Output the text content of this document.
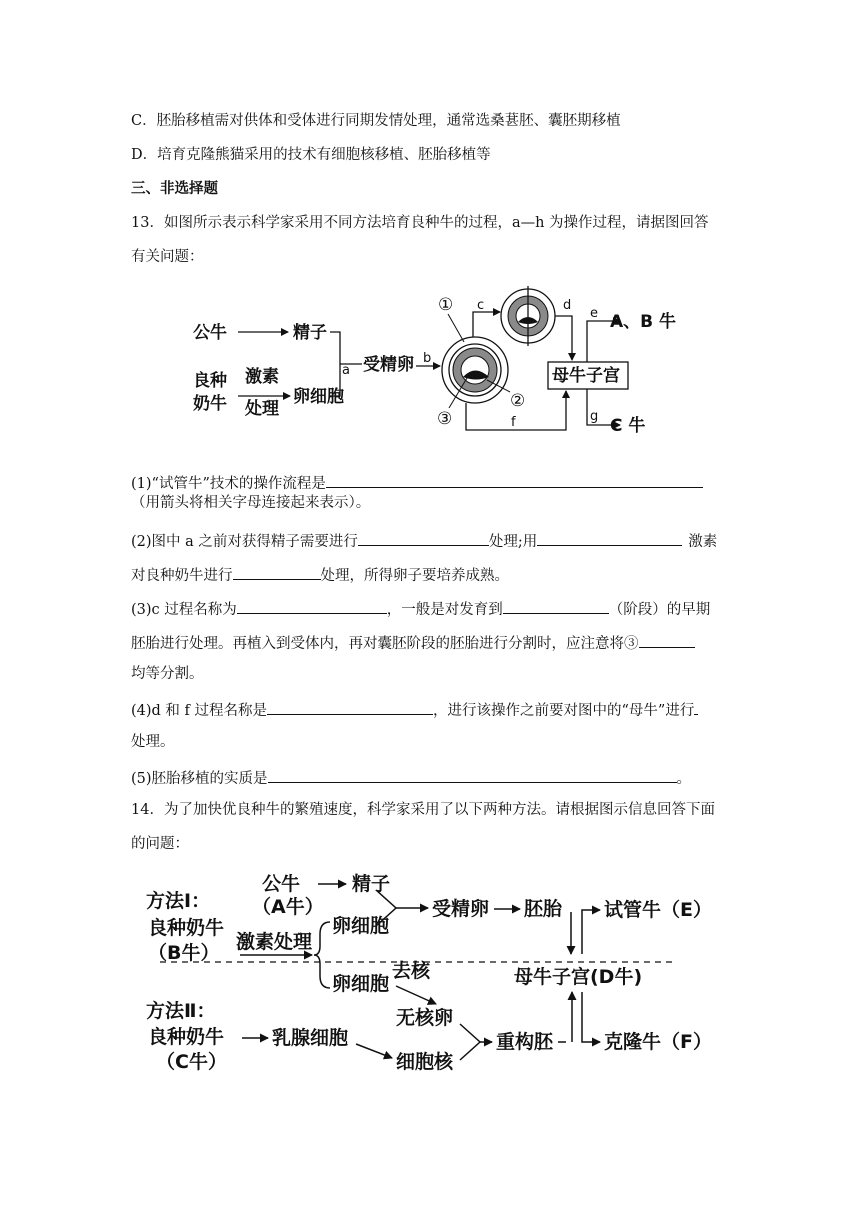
C．胚胎移植需对供体和受体进行同期发情处理，通常选桑葚胚、囊胚期移植
D．培育克隆熊猫采用的技术有细胞核移植、胚胎移植等
三、非选择题
13．如图所示表示科学家采用不同方法培育良种牛的过程，a—h 为操作过程，请据图回答
有关问题：
公牛	精子
良种
奶牛
激素
处理
卵细胞
a 受精卵 b
①
②
③
c	d
母牛子宫
e A、B 牛
f	g C 牛
(1)“试管牛”技术的操作流程是
（用箭头将相关字母连接起来表示）。
(2)图中 a 之前对获得精子需要进行	处理;用	激素
对良种奶牛进行	处理，所得卵子要培养成熟。
(3)c 过程名称为	，一般是对发育到	（阶段）的早期
胚胎进行处理。再植入到受体内，再对囊胚阶段的胚胎进行分割时，应注意将③
均等分割。
(4)d 和 f 过程名称是	，进行该操作之前要对图中的“母牛”进行
处理。
(5)胚胎移植的实质是	。
14．为了加快优良种牛的繁殖速度，科学家采用了以下两种方法。请根据图示信息回答下面
的问题：
方法Ⅰ：
公牛
（A牛）
精子
良种奶牛
（B牛） 激素处理
卵细胞
受精卵 胚胎 试管牛（E）
母牛子宫(D牛)
卵细胞
去核
方法Ⅱ：
良种奶牛
（C牛）
乳腺细胞
无核卵
细胞核
重构胚	克隆牛（F）
